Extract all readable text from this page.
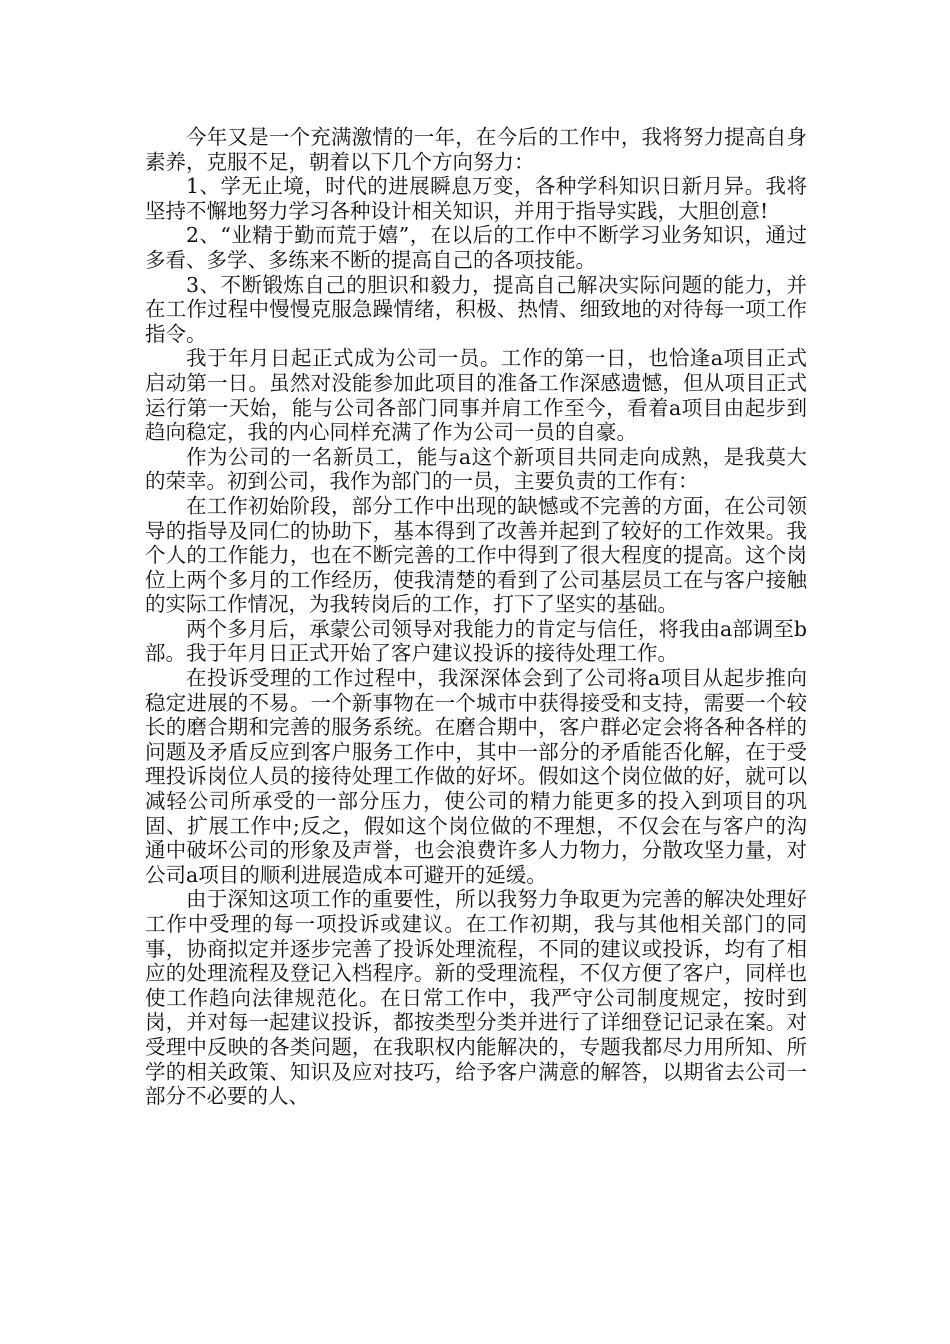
今年又是一个充满激情的一年，在今后的工作中，我将努力提高自身素养，克服不足，朝着以下几个方向努力：

1、学无止境，时代的进展瞬息万变，各种学科知识日新月异。我将坚持不懈地努力学习各种设计相关知识，并用于指导实践，大胆创意!

2、“业精于勤而荒于嬉”，在以后的工作中不断学习业务知识，通过多看、多学、多练来不断的提高自己的各项技能。

3、不断锻炼自己的胆识和毅力，提高自己解决实际问题的能力，并在工作过程中慢慢克服急躁情绪，积极、热情、细致地的对待每一项工作指令。

我于年月日起正式成为公司一员。工作的第一日，也恰逢a项目正式启动第一日。虽然对没能参加此项目的准备工作深感遗憾，但从项目正式运行第一天始，能与公司各部门同事并肩工作至今，看着a项目由起步到趋向稳定，我的内心同样充满了作为公司一员的自豪。

作为公司的一名新员工，能与a这个新项目共同走向成熟，是我莫大的荣幸。初到公司，我作为部门的一员，主要负责的工作有：

在工作初始阶段，部分工作中出现的缺憾或不完善的方面，在公司领导的指导及同仁的协助下，基本得到了改善并起到了较好的工作效果。我个人的工作能力，也在不断完善的工作中得到了很大程度的提高。这个岗位上两个多月的工作经历，使我清楚的看到了公司基层员工在与客户接触的实际工作情况，为我转岗后的工作，打下了坚实的基础。

两个多月后，承蒙公司领导对我能力的肯定与信任，将我由a部调至b部。我于年月日正式开始了客户建议投诉的接待处理工作。

在投诉受理的工作过程中，我深深体会到了公司将a项目从起步推向稳定进展的不易。一个新事物在一个城市中获得接受和支持，需要一个较长的磨合期和完善的服务系统。在磨合期中，客户群必定会将各种各样的问题及矛盾反应到客户服务工作中，其中一部分的矛盾能否化解，在于受理投诉岗位人员的接待处理工作做的好坏。假如这个岗位做的好，就可以减轻公司所承受的一部分压力，使公司的精力能更多的投入到项目的巩固、扩展工作中;反之，假如这个岗位做的不理想，不仅会在与客户的沟通中破坏公司的形象及声誉，也会浪费许多人力物力，分散攻坚力量，对公司a项目的顺利进展造成本可避开的延缓。

由于深知这项工作的重要性，所以我努力争取更为完善的解决处理好工作中受理的每一项投诉或建议。在工作初期，我与其他相关部门的同事，协商拟定并逐步完善了投诉处理流程，不同的建议或投诉，均有了相应的处理流程及登记入档程序。新的受理流程，不仅方便了客户，同样也使工作趋向法律规范化。在日常工作中，我严守公司制度规定，按时到岗，并对每一起建议投诉，都按类型分类并进行了详细登记记录在案。对受理中反映的各类问题，在我职权内能解决的，专题我都尽力用所知、所学的相关政策、知识及应对技巧，给予客户满意的解答，以期省去公司一部分不必要的人、
